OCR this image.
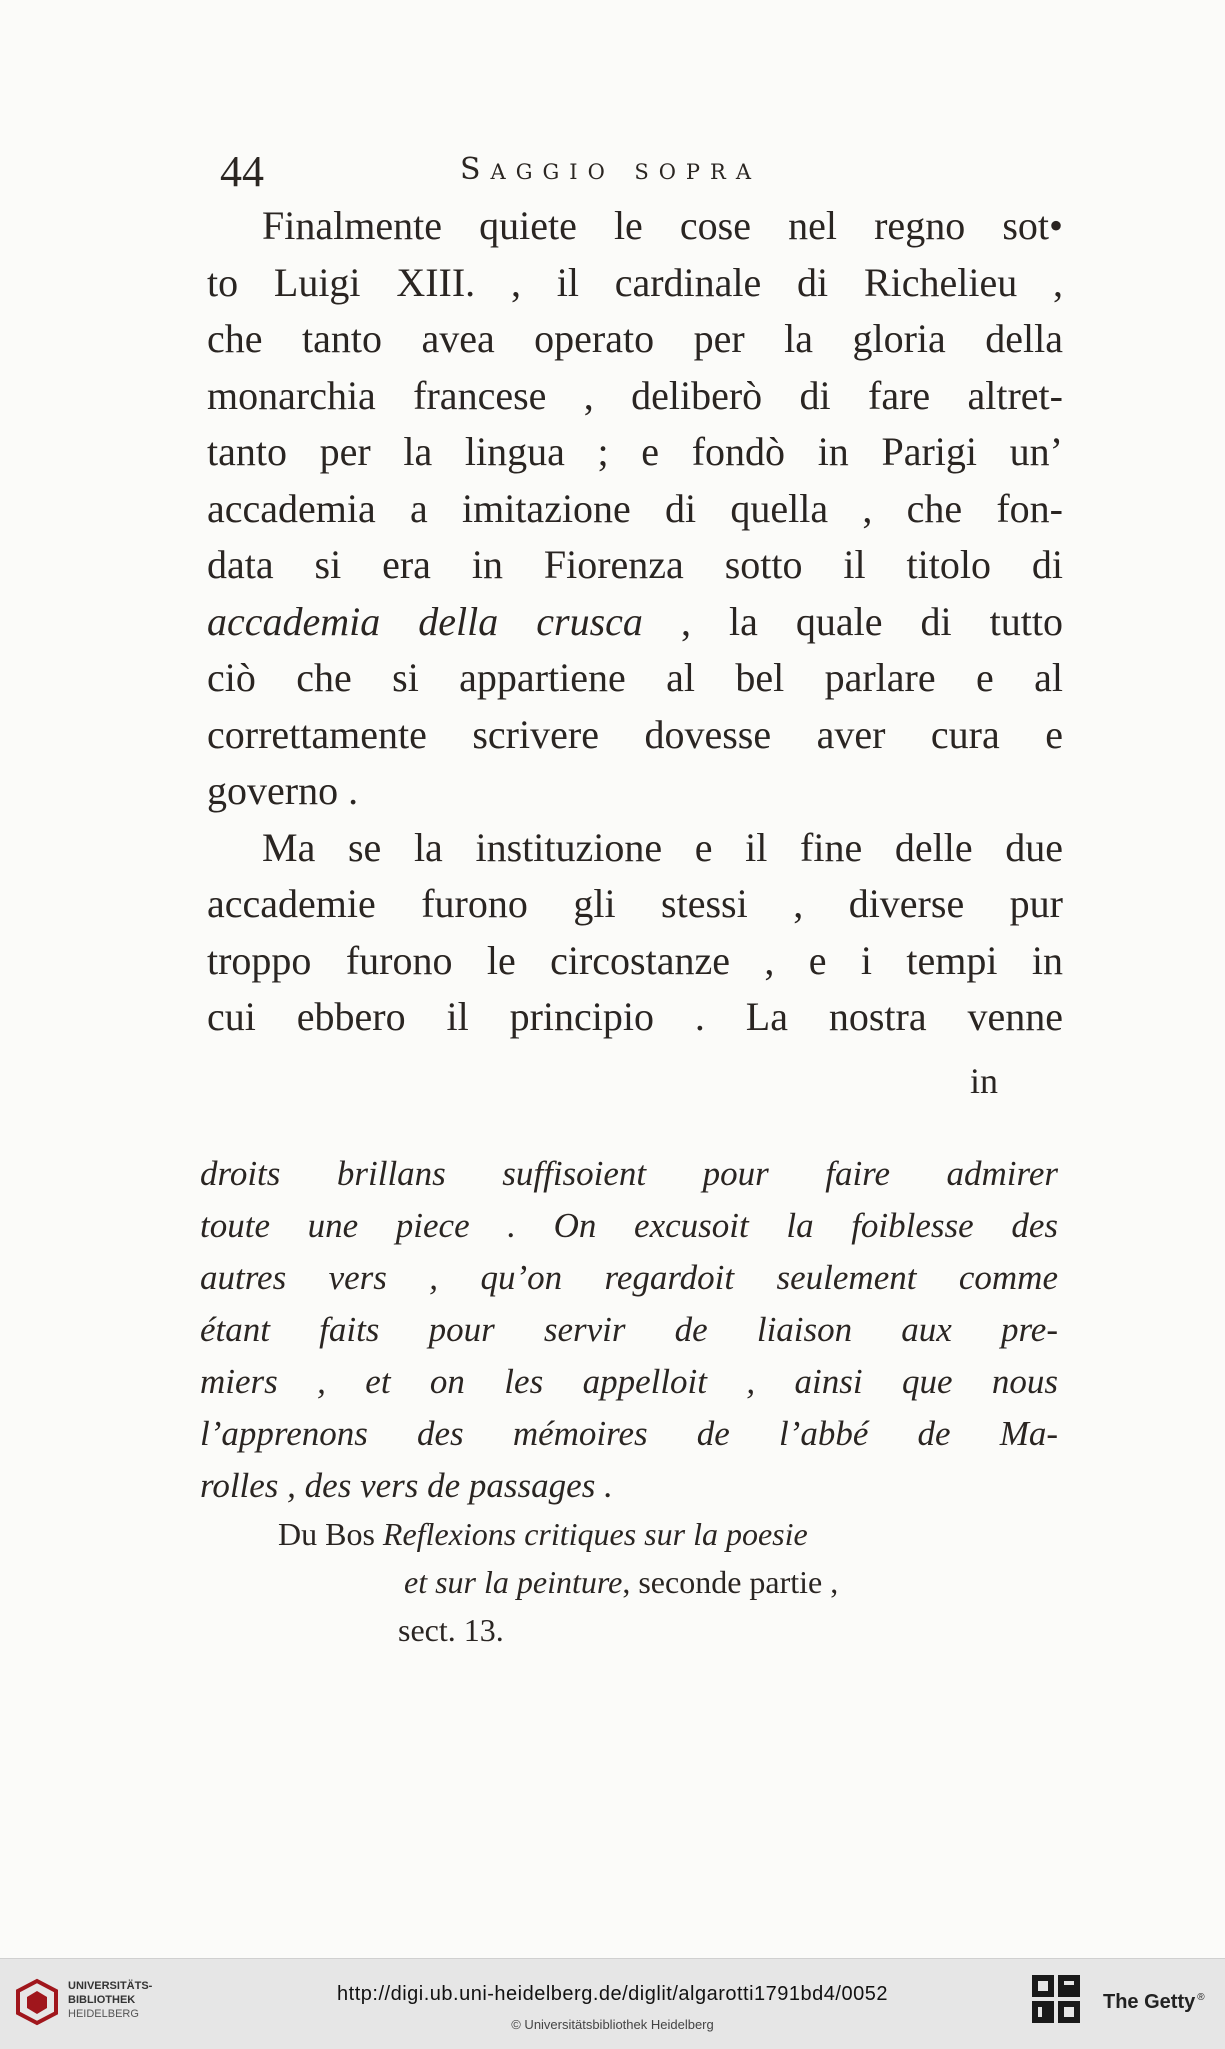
44	Saggio sopra
Finalmente quiete le cose nel regno sot•
to Luigi XIII. , il cardinale di Richelieu ,
che tanto avea operato per la gloria della
monarchia francese , deliberò di fare altret-
tanto per la lingua ; e fondò in Parigi un’
accademia a imitazione di quella , che fon-
data si era in Fiorenza sotto il titolo di
accademia della crusca , la quale di tutto
ciò che si appartiene al bel parlare e al
correttamente scrivere dovesse aver cura e
governo .
Ma se la instituzione e il fine delle due
accademie furono gli stessi , diverse pur
troppo furono le circostanze , e i tempi in
cui ebbero il principio . La nostra venne
in
droits brillans suffisoient pour faire admirer
toute une piece . On excusoit la foiblesse des
autres vers , qu’on regardoit seulement comme
étant faits pour servir de liaison aux pre-
miers , et on les appelloit , ainsi que nous
l’apprenons des mémoires de l’abbé de Ma-
rolles , des vers de passages .
Du Bos Reflexions critiques sur la poesie
et sur la peinture, seconde partie ,
sect. 13.
UNIVERSITÄTS-
BIBLIOTHEK
HEIDELBERG
http://digi.ub.uni-heidelberg.de/diglit/algarotti1791bd4/0052
© Universitätsbibliothek Heidelberg
The Getty ®
